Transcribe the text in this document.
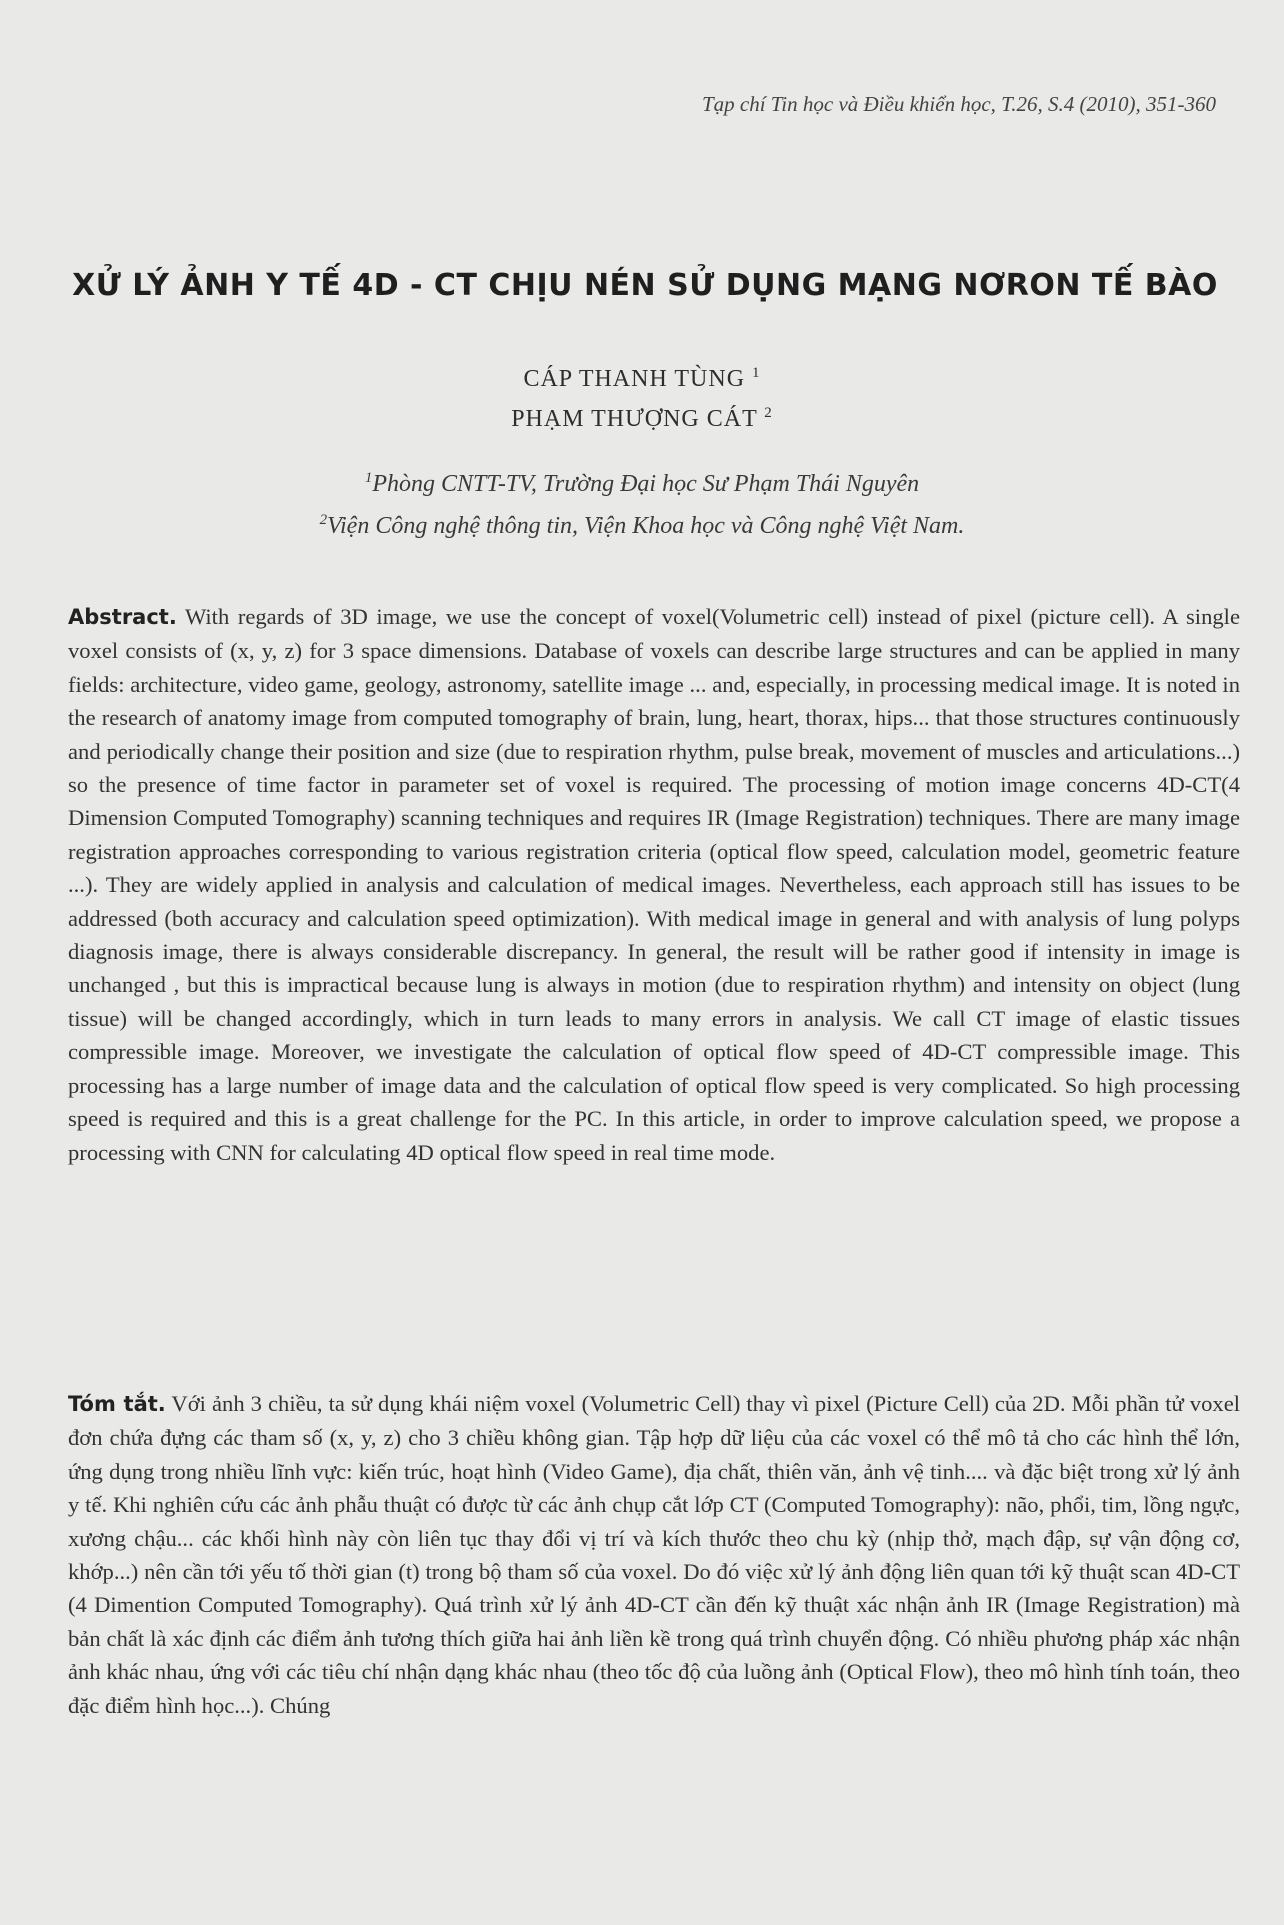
Tạp chí Tin học và Điều khiển học, T.26, S.4 (2010), 351-360
XỬ LÝ ẢNH Y TẾ 4D - CT CHỊU NÉN SỬ DỤNG MẠNG NƠRON TẾ BÀO
CÁP THANH TÙNG $^1$
PHẠM THƯỢNG CÁT $^2$
$^1$Phòng CNTT-TV, Trường Đại học Sư Phạm Thái Nguyên
$^2$Viện Công nghệ thông tin, Viện Khoa học và Công nghệ Việt Nam.

Abstract. With regards of 3D image, we use the concept of voxel(Volumetric cell) instead of pixel (picture cell). A single voxel consists of (x, y, z) for 3 space dimensions. Database of voxels can describe large structures and can be applied in many fields: architecture, video game, geology, astronomy, satellite image ... and, especially, in processing medical image. It is noted in the research of anatomy image from computed tomography of brain, lung, heart, thorax, hips... that those structures continuously and periodically change their position and size (due to respiration rhythm, pulse break, movement of muscles and articulations...) so the presence of time factor in parameter set of voxel is required. The processing of motion image concerns 4D-CT(4 Dimension Computed Tomography) scanning techniques and requires IR (Image Registration) techniques. There are many image registration approaches corresponding to various registration criteria (optical flow speed, calculation model, geometric feature ...). They are widely applied in analysis and calculation of medical images. Nevertheless, each approach still has issues to be addressed (both accuracy and calculation speed optimization). With medical image in general and with analysis of lung polyps diagnosis image, there is always considerable discrepancy. In general, the result will be rather good if intensity in image is unchanged , but this is impractical because lung is always in motion (due to respiration rhythm) and intensity on object (lung tissue) will be changed accordingly, which in turn leads to many errors in analysis. We call CT image of elastic tissues compressible image. Moreover, we investigate the calculation of optical flow speed of 4D-CT compressible image. This processing has a large number of image data and the calculation of optical flow speed is very complicated. So high processing speed is required and this is a great challenge for the PC. In this article, in order to improve calculation speed, we propose a processing with CNN for calculating 4D optical flow speed in real time mode.

Tóm tắt. Với ảnh 3 chiều, ta sử dụng khái niệm voxel (Volumetric Cell) thay vì pixel (Picture Cell) của 2D. Mỗi phần tử voxel đơn chứa đựng các tham số (x, y, z) cho 3 chiều không gian. Tập hợp dữ liệu của các voxel có thể mô tả cho các hình thể lớn, ứng dụng trong nhiều lĩnh vực: kiến trúc, hoạt hình (Video Game), địa chất, thiên văn, ảnh vệ tinh.... và đặc biệt trong xử lý ảnh y tế. Khi nghiên cứu các ảnh phẫu thuật có được từ các ảnh chụp cắt lớp CT (Computed Tomography): não, phổi, tim, lồng ngực, xương chậu... các khối hình này còn liên tục thay đổi vị trí và kích thước theo chu kỳ (nhịp thở, mạch đập, sự vận động cơ, khớp...) nên cần tới yếu tố thời gian (t) trong bộ tham số của voxel. Do đó việc xử lý ảnh động liên quan tới kỹ thuật scan 4D-CT (4 Dimention Computed Tomography). Quá trình xử lý ảnh 4D-CT cần đến kỹ thuật xác nhận ảnh IR (Image Registration) mà bản chất là xác định các điểm ảnh tương thích giữa hai ảnh liền kề trong quá trình chuyển động. Có nhiều phương pháp xác nhận ảnh khác nhau, ứng với các tiêu chí nhận dạng khác nhau (theo tốc độ của luồng ảnh (Optical Flow), theo mô hình tính toán, theo đặc điểm hình học...). Chúng
